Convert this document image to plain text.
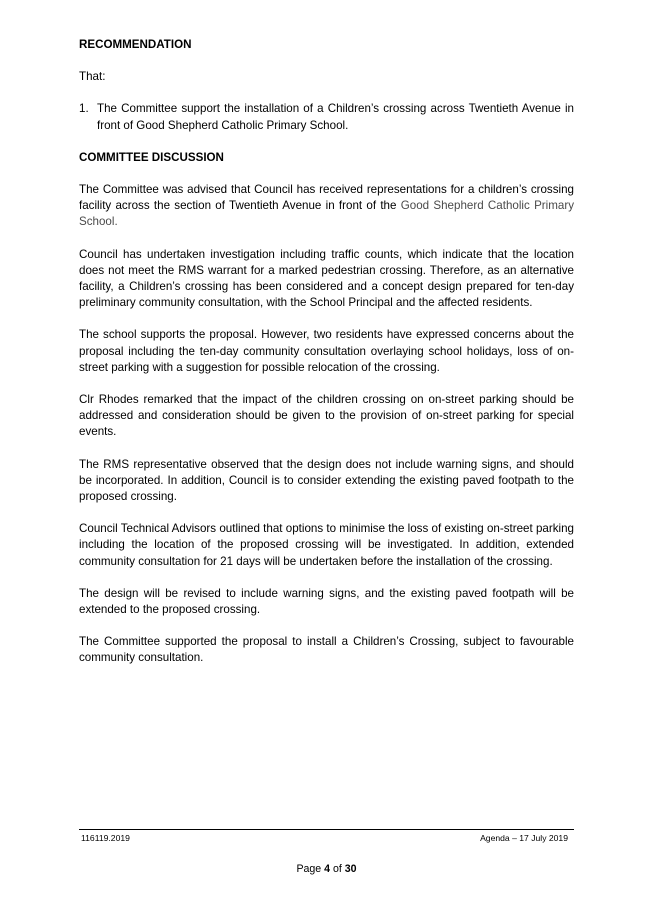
RECOMMENDATION

That:

1. The Committee support the installation of a Children’s crossing across Twentieth Avenue in front of Good Shepherd Catholic Primary School.

COMMITTEE DISCUSSION

The Committee was advised that Council has received representations for a children’s crossing facility across the section of Twentieth Avenue in front of the Good Shepherd Catholic Primary School.

Council has undertaken investigation including traffic counts, which indicate that the location does not meet the RMS warrant for a marked pedestrian crossing. Therefore, as an alternative facility, a Children’s crossing has been considered and a concept design prepared for ten-day preliminary community consultation, with the School Principal and the affected residents.

The school supports the proposal. However, two residents have expressed concerns about the proposal including the ten-day community consultation overlaying school holidays, loss of on-street parking with a suggestion for possible relocation of the crossing.

Clr Rhodes remarked that the impact of the children crossing on on-street parking should be addressed and consideration should be given to the provision of on-street parking for special events.

The RMS representative observed that the design does not include warning signs, and should be incorporated. In addition, Council is to consider extending the existing paved footpath to the proposed crossing.

Council Technical Advisors outlined that options to minimise the loss of existing on-street parking including the location of the proposed crossing will be investigated. In addition, extended community consultation for 21 days will be undertaken before the installation of the crossing.

The design will be revised to include warning signs, and the existing paved footpath will be extended to the proposed crossing.

The Committee supported the proposal to install a Children’s Crossing, subject to favourable community consultation.

116119.2019	Agenda – 17 July 2019
Page 4 of 30
